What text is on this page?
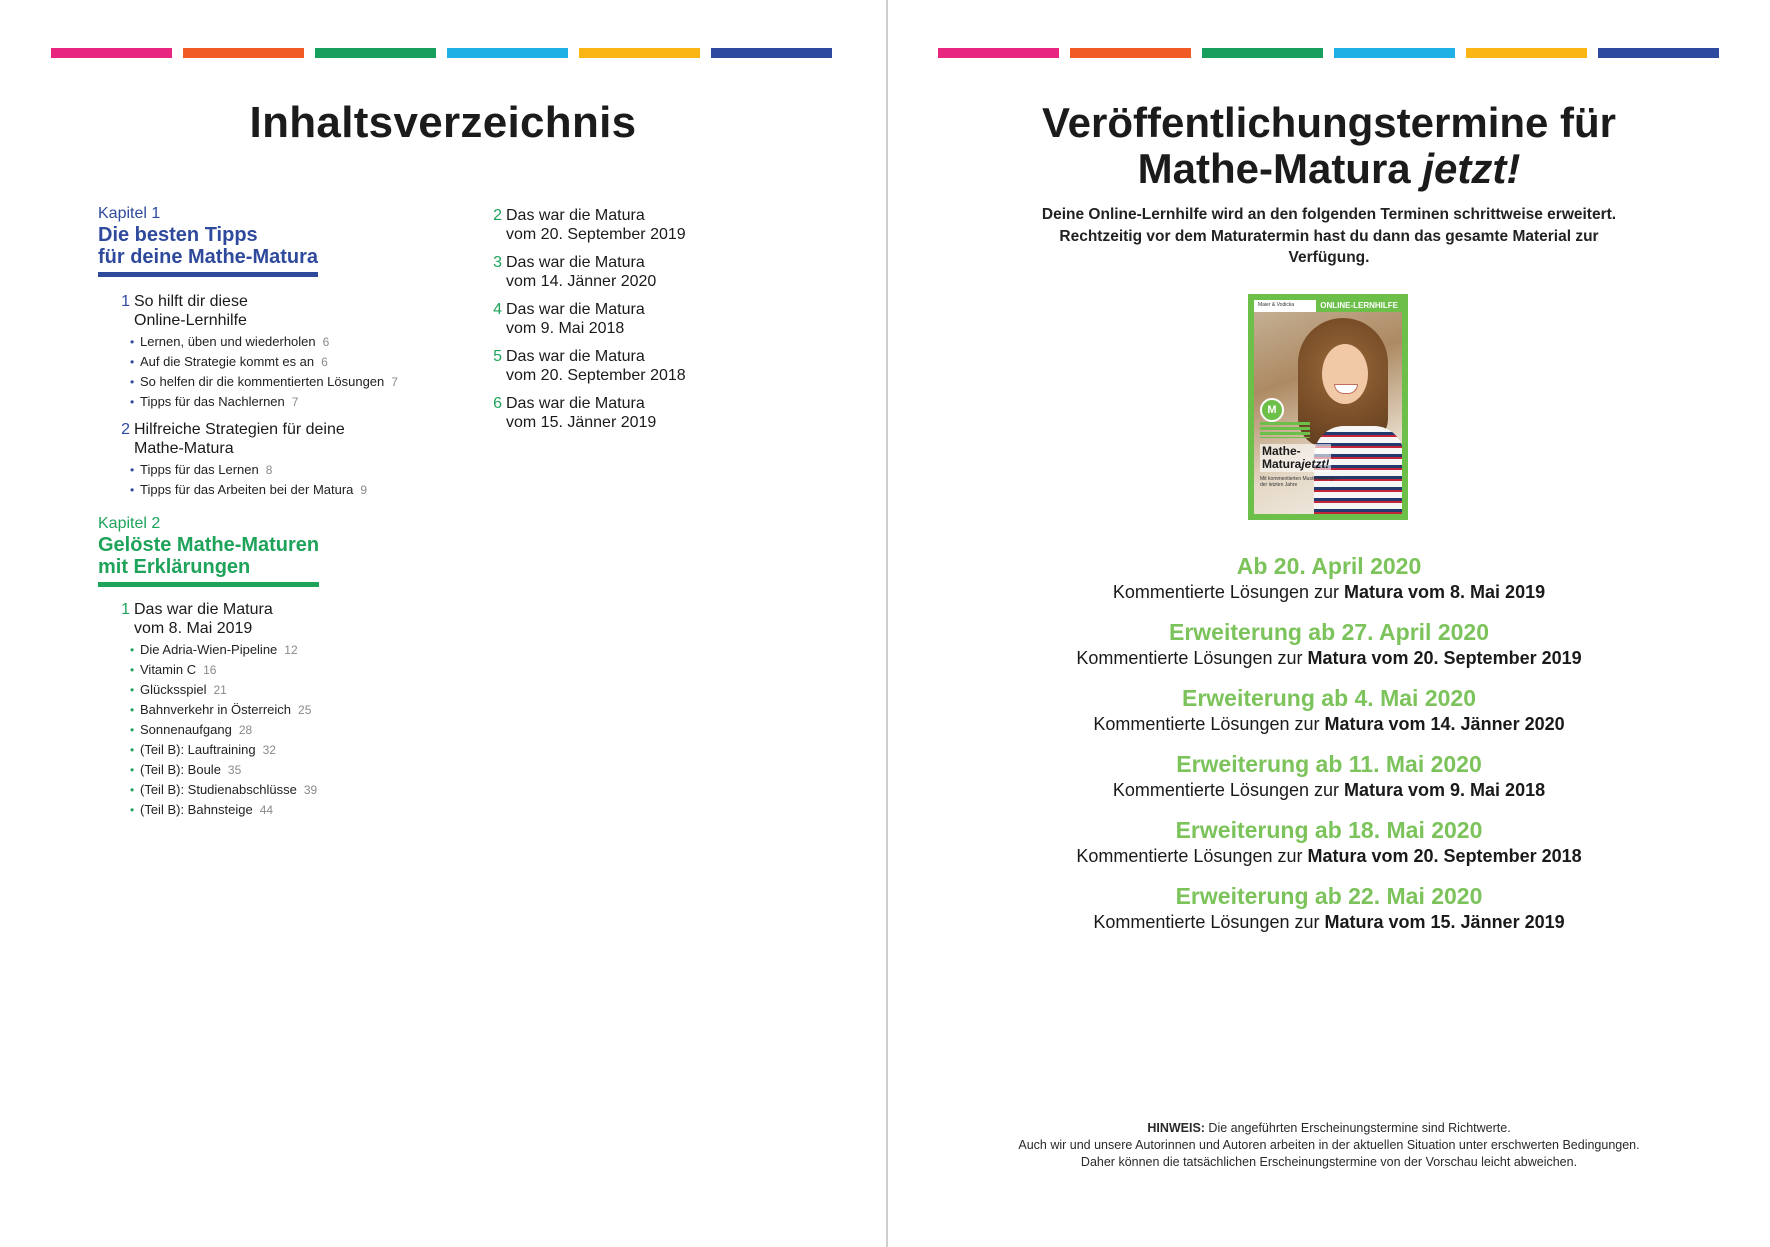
Inhaltsverzeichnis
Kapitel 1
Die besten Tipps
für deine Mathe-Matura
1 So hilft dir diese
Online-Lernhilfe
• Lernen, üben und wiederholen 6
• Auf die Strategie kommt es an 6
• So helfen dir die kommentierten Lösungen 7
• Tipps für das Nachlernen 7
2 Hilfreiche Strategien für deine
Mathe-Matura
• Tipps für das Lernen 8
• Tipps für das Arbeiten bei der Matura 9
Kapitel 2
Gelöste Mathe-Maturen
mit Erklärungen
1 Das war die Matura
vom 8. Mai 2019
• Die Adria-Wien-Pipeline 12
• Vitamin C 16
• Glücksspiel 21
• Bahnverkehr in Österreich 25
• Sonnenaufgang 28
• (Teil B): Lauftraining 32
• (Teil B): Boule 35
• (Teil B): Studienabschlüsse 39
• (Teil B): Bahnsteige 44
2 Das war die Matura
vom 20. September 2019
3 Das war die Matura
vom 14. Jänner 2020
4 Das war die Matura
vom 9. Mai 2018
5 Das war die Matura
vom 20. September 2018
6 Das war die Matura
vom 15. Jänner 2019
Veröffentlichungstermine für
Mathe-Matura jetzt!
Deine Online-Lernhilfe wird an den folgenden Terminen schrittweise erweitert. Rechtzeitig vor dem Maturatermin hast du dann das gesamte Material zur Verfügung.
Maier & Vodicka	ONLINE-LERNHILFE
M
Mathe-
Maturajetzt!
Mit kommentierten Musterlösungen der letzten Jahre
Ab 20. April 2020
Kommentierte Lösungen zur Matura vom 8. Mai 2019
Erweiterung ab 27. April 2020
Kommentierte Lösungen zur Matura vom 20. September 2019
Erweiterung ab 4. Mai 2020
Kommentierte Lösungen zur Matura vom 14. Jänner 2020
Erweiterung ab 11. Mai 2020
Kommentierte Lösungen zur Matura vom 9. Mai 2018
Erweiterung ab 18. Mai 2020
Kommentierte Lösungen zur Matura vom 20. September 2018
Erweiterung ab 22. Mai 2020
Kommentierte Lösungen zur Matura vom 15. Jänner 2019
HINWEIS: Die angeführten Erscheinungstermine sind Richtwerte.
Auch wir und unsere Autorinnen und Autoren arbeiten in der aktuellen Situation unter erschwerten Bedingungen.
Daher können die tatsächlichen Erscheinungstermine von der Vorschau leicht abweichen.
